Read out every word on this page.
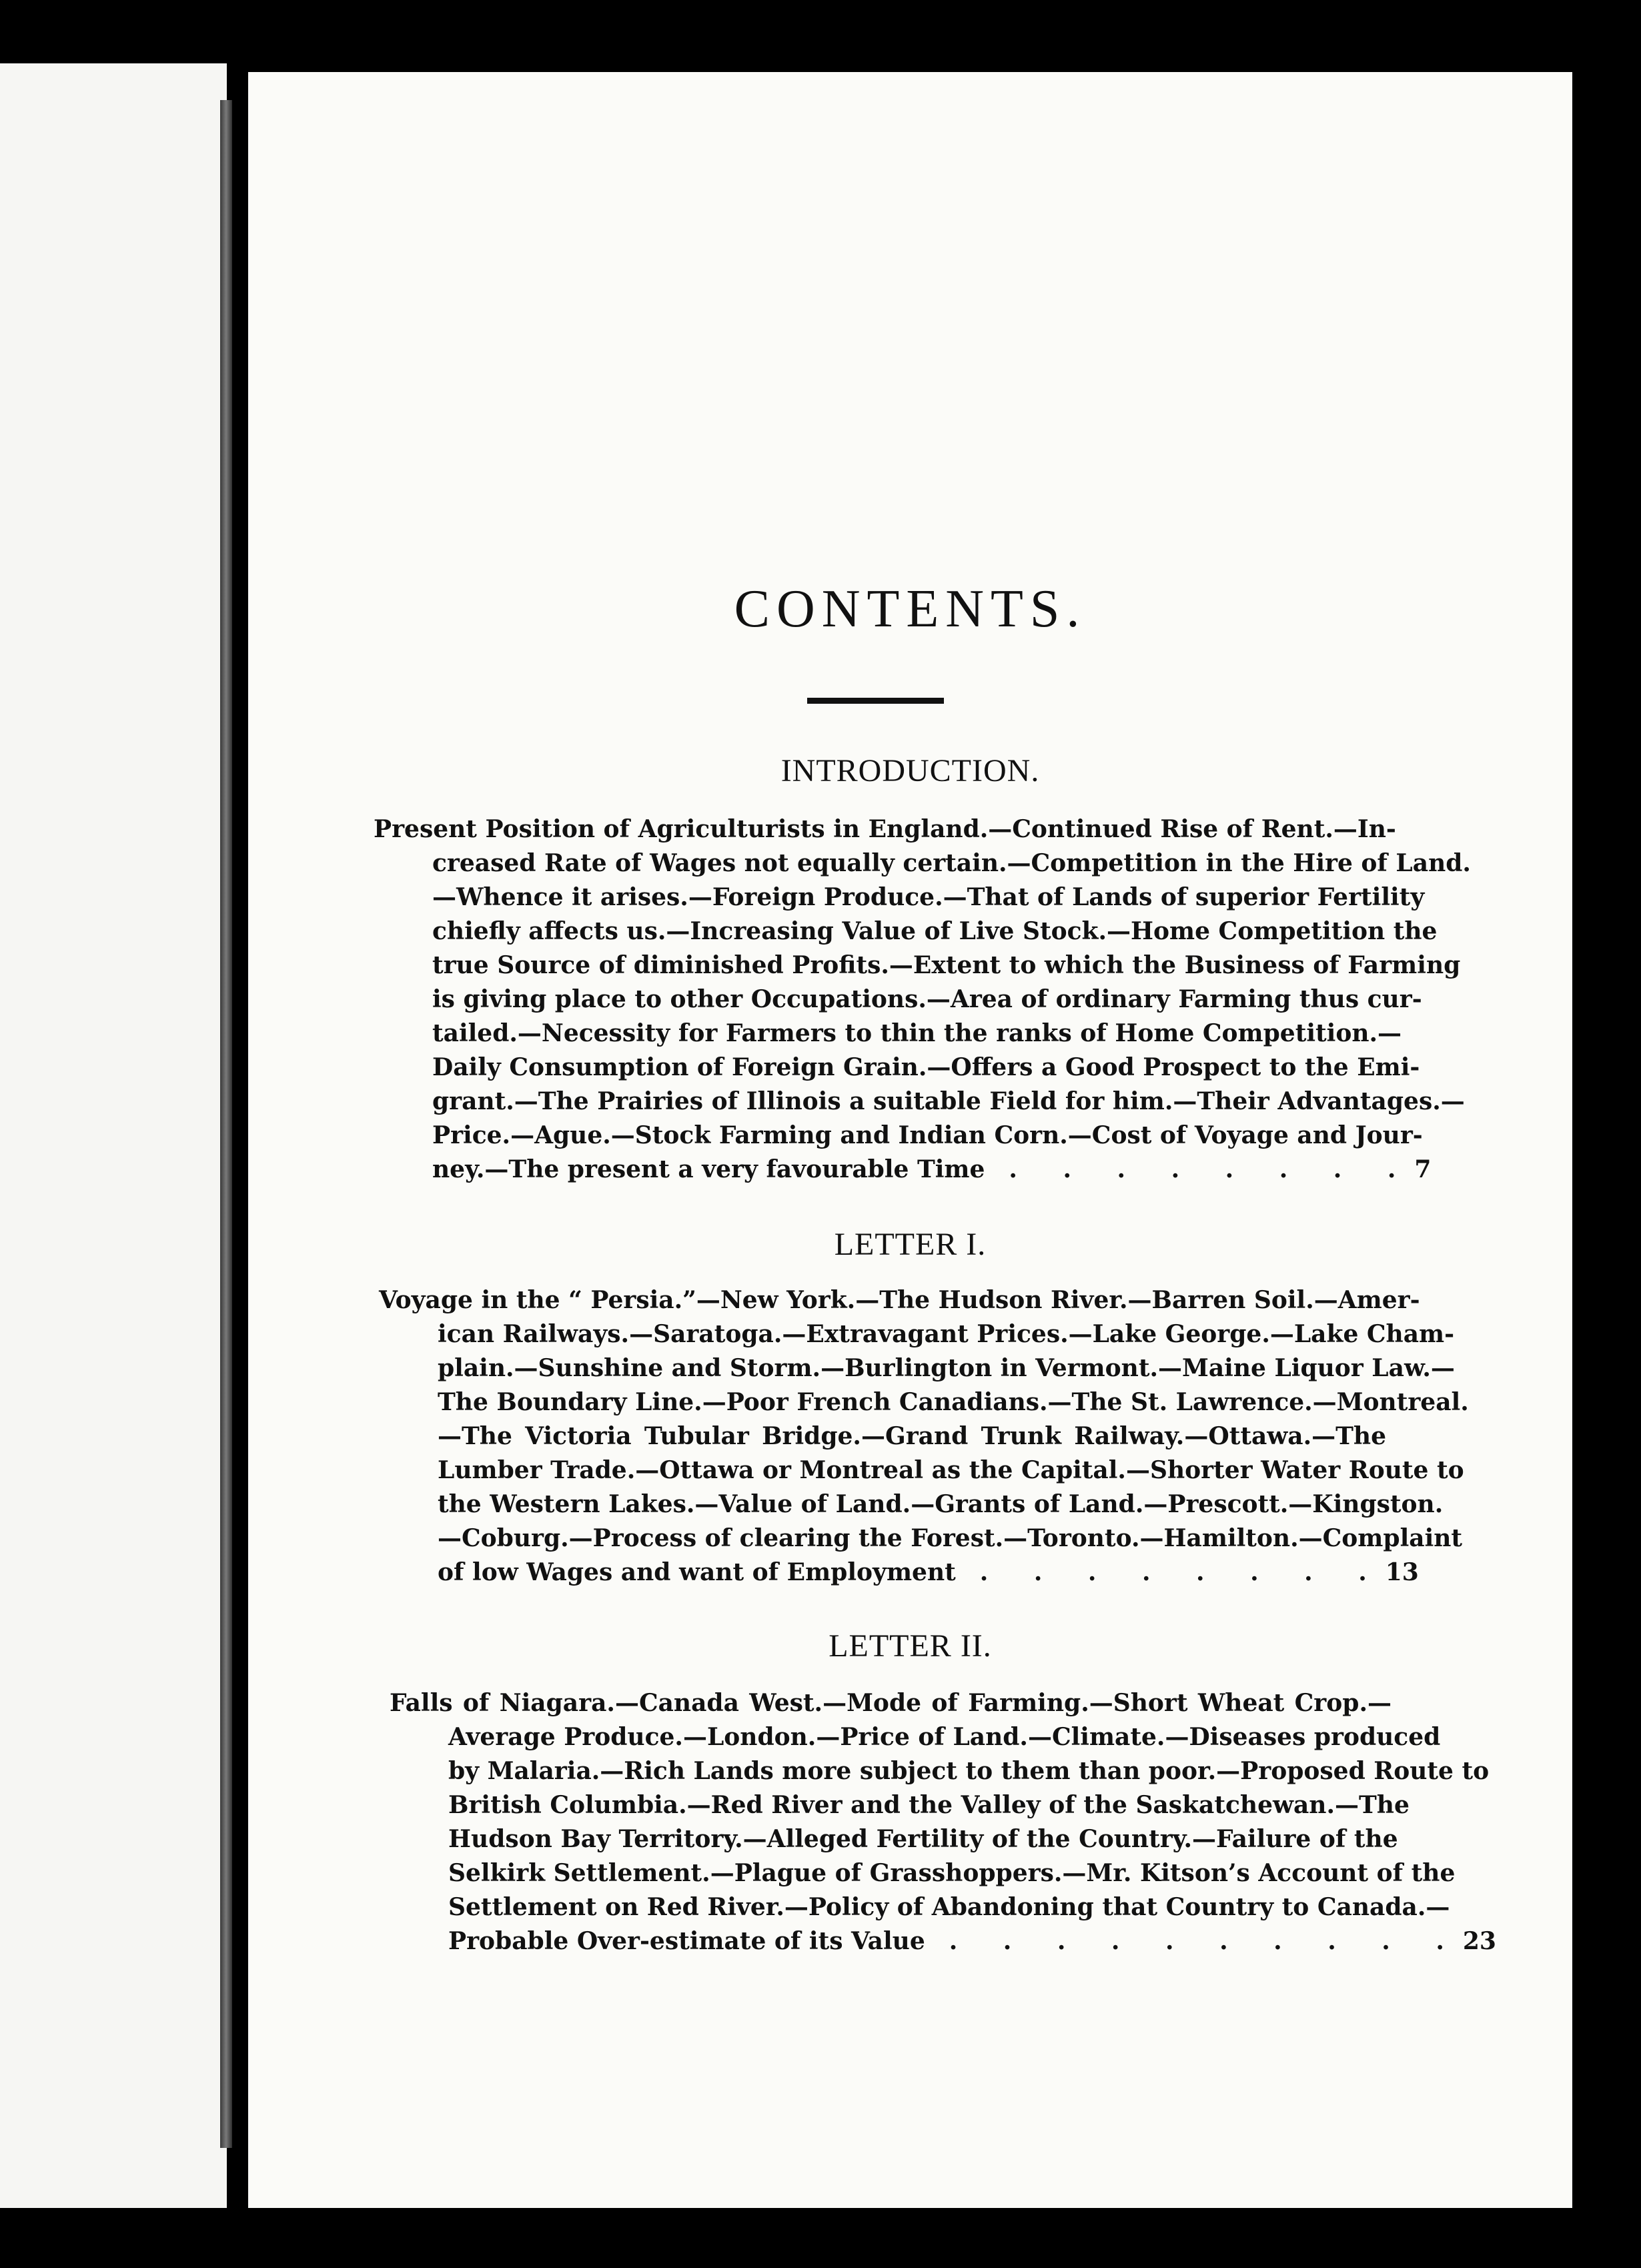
CONTENTS.
INTRODUCTION.
Present Position of Agriculturists in England.—Continued Rise of Rent.—In-
creased Rate of Wages not equally certain.—Competition in the Hire of Land.
—Whence it arises.—Foreign Produce.—That of Lands of superior Fertility
chiefly affects us.—Increasing Value of Live Stock.—Home Competition the
true Source of diminished Profits.—Extent to which the Business of Farming
is giving place to other Occupations.—Area of ordinary Farming thus cur-
tailed.—Necessity for Farmers to thin the ranks of Home Competition.—
Daily Consumption of Foreign Grain.—Offers a Good Prospect to the Emi-
grant.—The Prairies of Illinois a suitable Field for him.—Their Advantages.—
Price.—Ague.—Stock Farming and Indian Corn.—Cost of Voyage and Jour-
ney.—The present a very favourable Time	. . . . . . . . 7
LETTER I.
Voyage in the “ Persia.”—New York.—The Hudson River.—Barren Soil.—Amer-
ican Railways.—Saratoga.—Extravagant Prices.—Lake George.—Lake Cham-
plain.—Sunshine and Storm.—Burlington in Vermont.—Maine Liquor Law.—
The Boundary Line.—Poor French Canadians.—The St. Lawrence.—Montreal.
—The Victoria Tubular Bridge.—Grand Trunk Railway.—Ottawa.—The
Lumber Trade.—Ottawa or Montreal as the Capital.—Shorter Water Route to
the Western Lakes.—Value of Land.—Grants of Land.—Prescott.—Kingston.
—Coburg.—Process of clearing the Forest.—Toronto.—Hamilton.—Complaint
of low Wages and want of Employment	. . . . . . . . 13
LETTER II.
Falls of Niagara.—Canada West.—Mode of Farming.—Short Wheat Crop.—
Average Produce.—London.—Price of Land.—Climate.—Diseases produced
by Malaria.—Rich Lands more subject to them than poor.—Proposed Route to
British Columbia.—Red River and the Valley of the Saskatchewan.—The
Hudson Bay Territory.—Alleged Fertility of the Country.—Failure of the
Selkirk Settlement.—Plague of Grasshoppers.—Mr. Kitson’s Account of the
Settlement on Red River.—Policy of Abandoning that Country to Canada.—
Probable Over-estimate of its Value	. . . . . . . . . . 23
